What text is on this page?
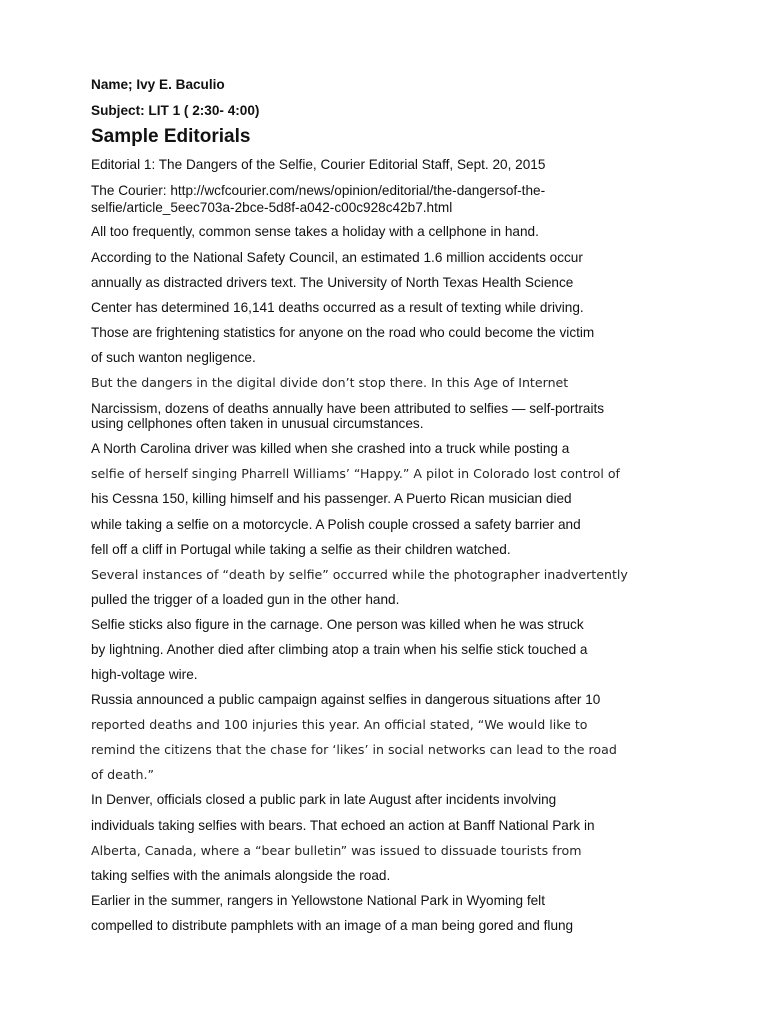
Name; Ivy E. Baculio

Subject: LIT 1 ( 2:30- 4:00)

Sample Editorials

Editorial 1: The Dangers of the Selfie, Courier Editorial Staff, Sept. 20, 2015

The Courier: http://wcfcourier.com/news/opinion/editorial/the-dangersof-the-

selfie/article_5eec703a-2bce-5d8f-a042-c00c928c42b7.html

All too frequently, common sense takes a holiday with a cellphone in hand.

According to the National Safety Council, an estimated 1.6 million accidents occur

annually as distracted drivers text. The University of North Texas Health Science

Center has determined 16,141 deaths occurred as a result of texting while driving.

Those are frightening statistics for anyone on the road who could become the victim

of such wanton negligence.

But the dangers in the digital divide don’t stop there. In this Age of Internet

Narcissism, dozens of deaths annually have been attributed to selfies — self-portraits

using cellphones often taken in unusual circumstances.

A North Carolina driver was killed when she crashed into a truck while posting a

selfie of herself singing Pharrell Williams’ “Happy.” A pilot in Colorado lost control of

his Cessna 150, killing himself and his passenger. A Puerto Rican musician died

while taking a selfie on a motorcycle. A Polish couple crossed a safety barrier and

fell off a cliff in Portugal while taking a selfie as their children watched.

Several instances of “death by selfie” occurred while the photographer inadvertently

pulled the trigger of a loaded gun in the other hand.

Selfie sticks also figure in the carnage. One person was killed when he was struck

by lightning. Another died after climbing atop a train when his selfie stick touched a

high-voltage wire.

Russia announced a public campaign against selfies in dangerous situations after 10

reported deaths and 100 injuries this year. An official stated, “We would like to

remind the citizens that the chase for ‘likes’ in social networks can lead to the road

of death.”

In Denver, officials closed a public park in late August after incidents involving

individuals taking selfies with bears. That echoed an action at Banff National Park in

Alberta, Canada, where a “bear bulletin” was issued to dissuade tourists from

taking selfies with the animals alongside the road.

Earlier in the summer, rangers in Yellowstone National Park in Wyoming felt

compelled to distribute pamphlets with an image of a man being gored and flung
